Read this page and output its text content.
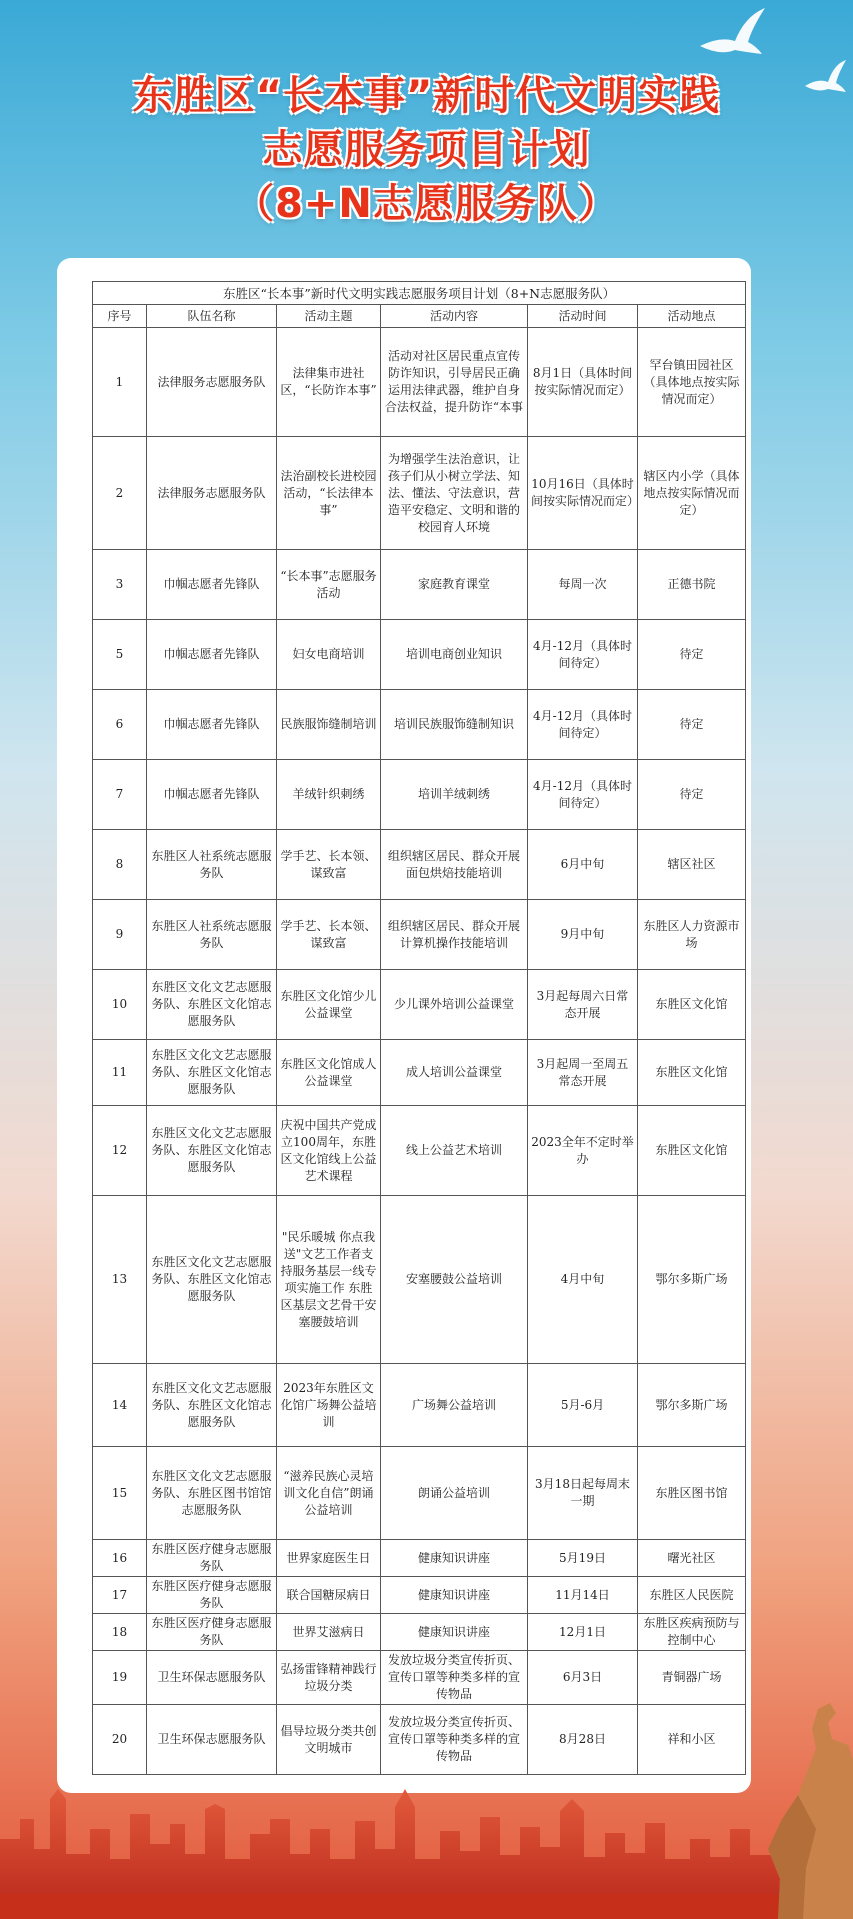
东胜区“长本事”新时代文明实践
志愿服务项目计划
（8+N志愿服务队）
东胜区“长本事”新时代文明实践志愿服务项目计划（8+N志愿服务队）					
序号	队伍名称	活动主题	活动内容	活动时间	活动地点
1	法律服务志愿服务队	法律集市进社区，“长防诈本事”	活动对社区居民重点宣传防诈知识，引导居民正确运用法律武器，维护自身合法权益，提升防诈“本事	8月1日（具体时间按实际情况而定）	罕台镇田园社区（具体地点按实际情况而定）
2	法律服务志愿服务队	法治副校长进校园活动，“长法律本事”	为增强学生法治意识，让孩子们从小树立学法、知法、懂法、守法意识，营造平安稳定、文明和谐的校园育人环境	10月16日（具体时间按实际情况而定）	辖区内小学（具体地点按实际情况而定）
3	巾帼志愿者先锋队	“长本事”志愿服务活动	家庭教育课堂	每周一次	正德书院
5	巾帼志愿者先锋队	妇女电商培训	培训电商创业知识	4月-12月（具体时间待定）	待定
6	巾帼志愿者先锋队	民族服饰缝制培训	培训民族服饰缝制知识	4月-12月（具体时间待定）	待定
7	巾帼志愿者先锋队	羊绒针织刺绣	培训羊绒刺绣	4月-12月（具体时间待定）	待定
8	东胜区人社系统志愿服务队	学手艺、长本领、谋致富	组织辖区居民、群众开展面包烘焙技能培训	6月中旬	辖区社区
9	东胜区人社系统志愿服务队	学手艺、长本领、谋致富	组织辖区居民、群众开展计算机操作技能培训	9月中旬	东胜区人力资源市场
10	东胜区文化文艺志愿服务队、东胜区文化馆志愿服务队	东胜区文化馆少儿公益课堂	少儿课外培训公益课堂	3月起每周六日常态开展	东胜区文化馆
11	东胜区文化文艺志愿服务队、东胜区文化馆志愿服务队	东胜区文化馆成人公益课堂	成人培训公益课堂	3月起周一至周五常态开展	东胜区文化馆
12	东胜区文化文艺志愿服务队、东胜区文化馆志愿服务队	庆祝中国共产党成立100周年，东胜区文化馆线上公益艺术课程	线上公益艺术培训	2023全年不定时举办	东胜区文化馆
13	东胜区文化文艺志愿服务队、东胜区文化馆志愿服务队	"民乐暖城 你点我送"文艺工作者支持服务基层一线专项实施工作 东胜区基层文艺骨干安塞腰鼓培训	安塞腰鼓公益培训	4月中旬	鄂尔多斯广场
14	东胜区文化文艺志愿服务队、东胜区文化馆志愿服务队	2023年东胜区文化馆广场舞公益培训	广场舞公益培训	5月-6月	鄂尔多斯广场
15	东胜区文化文艺志愿服务队、东胜区图书馆馆志愿服务队	“滋养民族心灵培训文化自信”朗诵公益培训	朗诵公益培训	3月18日起每周末一期	东胜区图书馆
16	东胜区医疗健身志愿服务队	世界家庭医生日	健康知识讲座	5月19日	曙光社区
17	东胜区医疗健身志愿服务队	联合国糖尿病日	健康知识讲座	11月14日	东胜区人民医院
18	东胜区医疗健身志愿服务队	世界艾滋病日	健康知识讲座	12月1日	东胜区疾病预防与控制中心
19	卫生环保志愿服务队	弘扬雷锋精神践行垃圾分类	发放垃圾分类宣传折页、宣传口罩等种类多样的宣传物品	6月3日	青铜器广场
20	卫生环保志愿服务队	倡导垃圾分类共创文明城市	发放垃圾分类宣传折页、宣传口罩等种类多样的宣传物品	8月28日	祥和小区
